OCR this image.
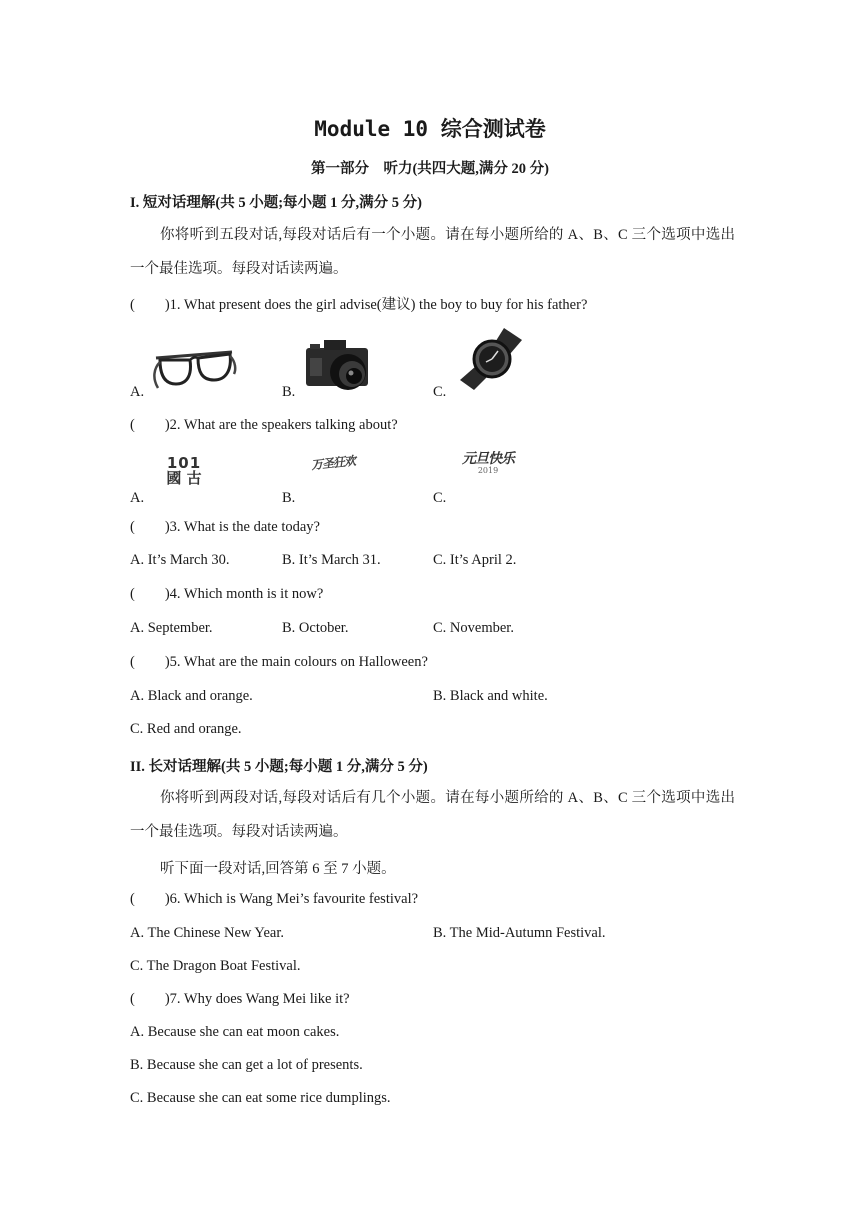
Module 10 综合测试卷
第一部分　听力(共四大题,满分 20 分)
I. 短对话理解(共 5 小题;每小题 1 分,满分 5 分)
你将听到五段对话,每段对话后有一个小题。请在每小题所给的 A、B、C 三个选项中选出一个最佳选项。每段对话读两遍。
( )1. What present does the girl advise(建议) the boy to buy for his father?
A.	B.	C.
( )2. What are the speakers talking about?
A.	B.	C.
101
國 古
万圣狂欢	元旦快乐
2019
( )3. What is the date today?
A. It’s March 30.	B. It’s March 31.	C. It’s April 2.
( )4. Which month is it now?
A. September.	B. October.	C. November.
( )5. What are the main colours on Halloween?
A. Black and orange.	B. Black and white.
C. Red and orange.
II. 长对话理解(共 5 小题;每小题 1 分,满分 5 分)
你将听到两段对话,每段对话后有几个小题。请在每小题所给的 A、B、C 三个选项中选出一个最佳选项。每段对话读两遍。
听下面一段对话,回答第 6 至 7 小题。
( )6. Which is Wang Mei’s favourite festival?
A. The Chinese New Year.	B. The Mid-Autumn Festival.
C. The Dragon Boat Festival.
( )7. Why does Wang Mei like it?
A. Because she can eat moon cakes.
B. Because she can get a lot of presents.
C. Because she can eat some rice dumplings.
